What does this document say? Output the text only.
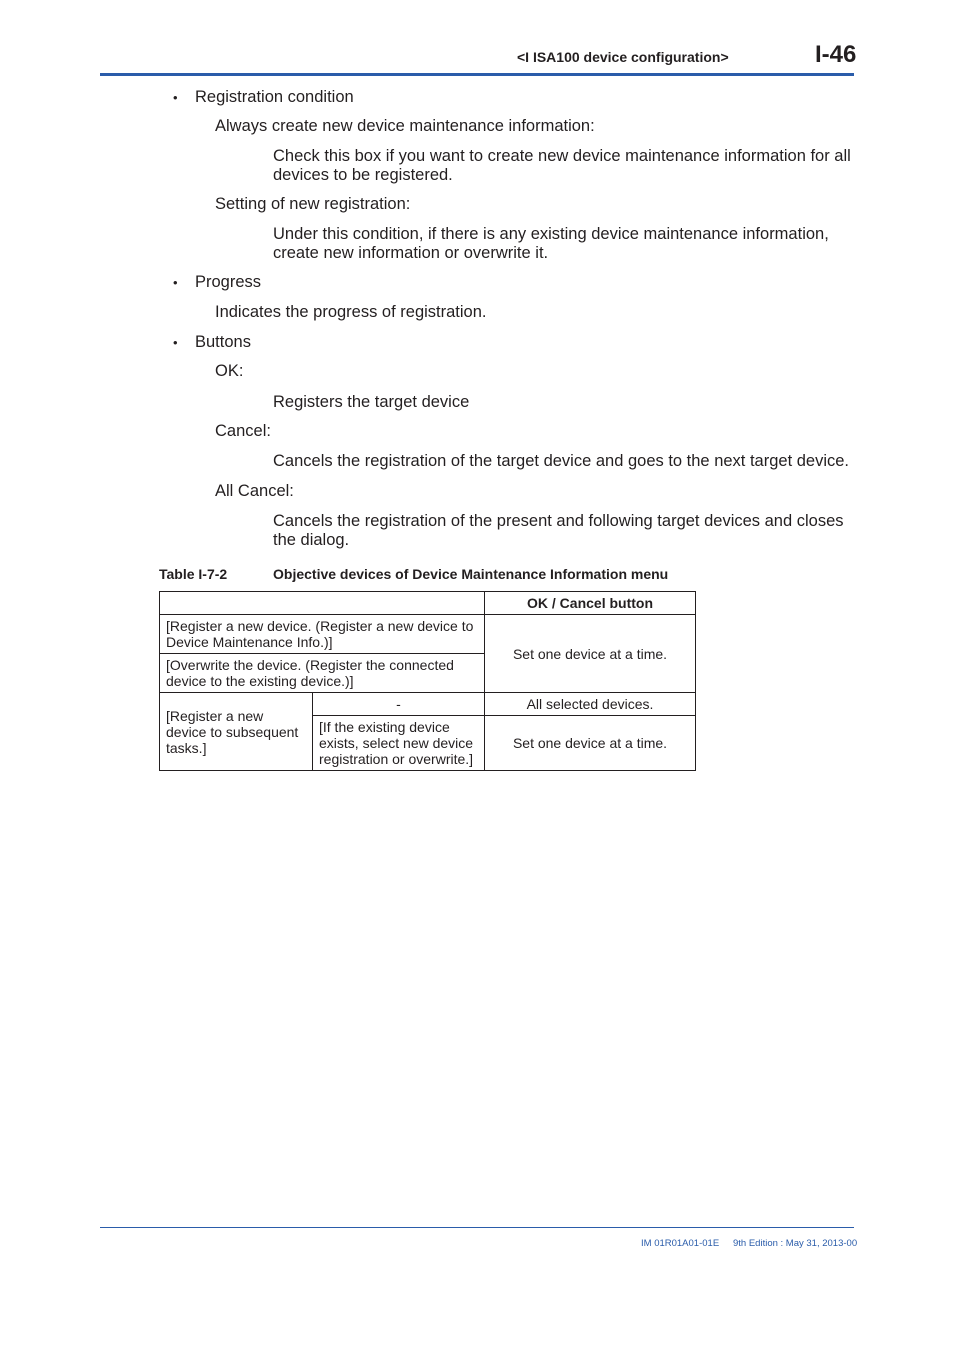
<I ISA100 device configuration>	I-46
• Registration condition
Always create new device maintenance information:
Check this box if you want to create new device maintenance information for all devices to be registered.
Setting of new registration:
Under this condition, if there is any existing device maintenance information, create new information or overwrite it.
• Progress
Indicates the progress of registration.
• Buttons
OK:
Registers the target device
Cancel:
Cancels the registration of the target device and goes to the next target device.
All Cancel:
Cancels the registration of the present and following target devices and closes the dialog.
Table I-7-2	Objective devices of Device Maintenance Information menu
		OK / Cancel button
[Register a new device. (Register a new device to Device Maintenance Info.)]		Set one device at a time.
[Overwrite the device. (Register the connected device to the existing device.)]		
[Register a new device to subsequent tasks.]	-	All selected devices.
	[If the existing device exists, select new device registration or overwrite.]	Set one device at a time.
IM 01R01A01-01E 9th Edition : May 31, 2013-00
